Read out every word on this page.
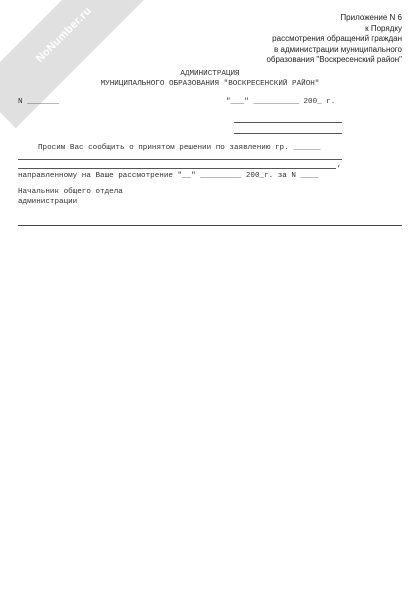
NoNumber.ru	Приложение N 6
к Порядку
рассмотрения обращений граждан
в администрации муниципального
образования "Воскресенский район"
АДМИНИСТРАЦИЯ
МУНИЦИПАЛЬНОГО ОБРАЗОВАНИЯ "ВОСКРЕСЕНСКИЙ РАЙОН"
N _______	"___" __________ 200_ г.
Просим Вас сообщить о принятом решении по заявлению гр. ______
,
направленному на Ваше рассмотрение "__" _________ 200_г. за N ____
Начальник общего отдела
администрации
